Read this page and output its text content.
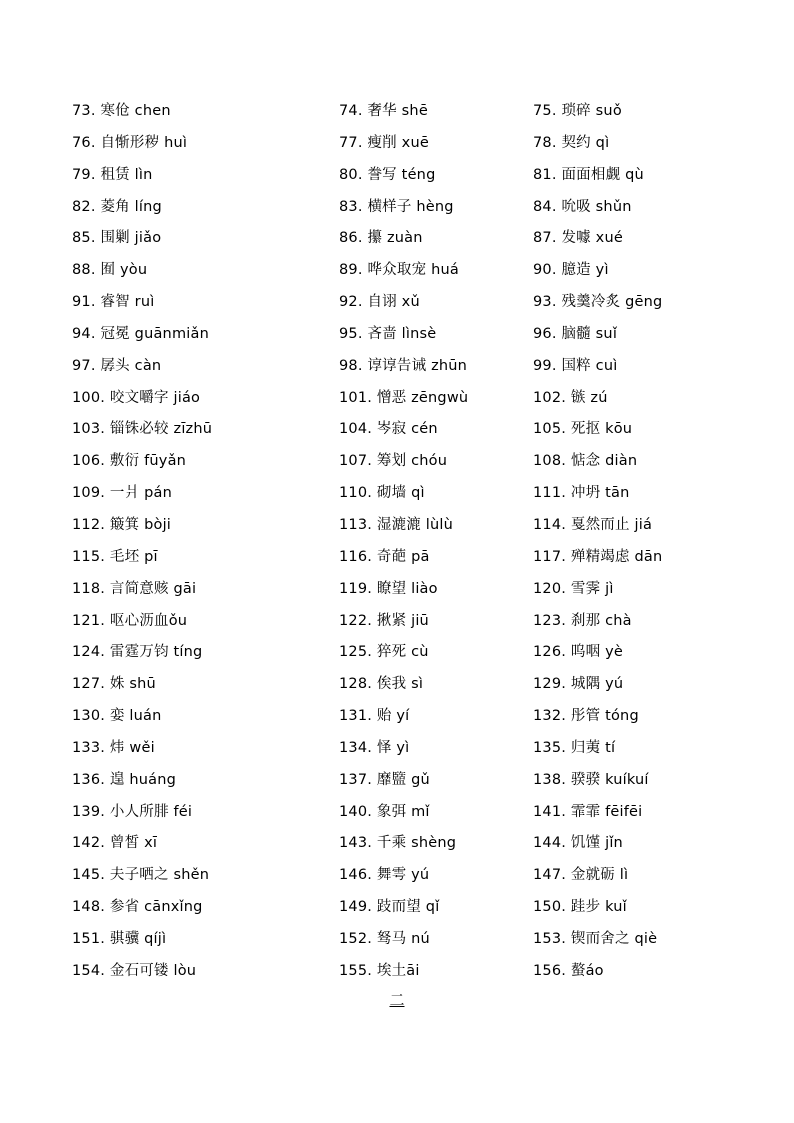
73. 寒伧 chen	74. 奢华 shē	75. 琐碎 suǒ
76. 自惭形秽 huì	77. 瘦削 xuē	78. 契约 qì
79. 租赁 lìn	80. 誊写 téng	81. 面面相觑 qù
82. 菱角 líng	83. 横样子 hèng	84. 吮吸 shǔn
85. 围剿 jiǎo	86. 攥 zuàn	87. 发噱 xué
88. 囿 yòu	89. 哗众取宠 huá	90. 臆造 yì
91. 睿智 ruì	92. 自诩 xǔ	93. 残羹冷炙 gēng
94. 冠冕 guānmiǎn	95. 吝啬 lìnsè	96. 脑髓 suǐ
97. 孱头 càn	98. 谆谆告诫 zhūn	99. 国粹 cuì
100. 咬文嚼字 jiáo	101. 憎恶 zēngwù	102. 镞 zú
103. 锱铢必较 zīzhū	104. 岑寂 cén	105. 死抠 kōu
106. 敷衍 fūyǎn	107. 筹划 chóu	108. 惦念 diàn
109. 一爿 pán	110. 砌墙 qì	111. 冲坍 tān
112. 簸箕 bòji	113. 湿漉漉 lùlù	114. 戛然而止 jiá
115. 毛坯 pī	116. 奇葩 pā	117. 殚精竭虑 dān
118. 言简意赅 gāi	119. 瞭望 liào	120. 雪霁 jì
121. 呕心沥血ǒu	122. 揪紧 jiū	123. 刹那 chà
124. 雷霆万钧 tíng	125. 猝死 cù	126. 呜咽 yè
127. 姝 shū	128. 俟我 sì	129. 城隅 yú
130. 娈 luán	131. 贻 yí	132. 彤管 tóng
133. 炜 wěi	134. 怿 yì	135. 归荑 tí
136. 遑 huáng	137. 靡盬 gǔ	138. 骙骙 kuíkuí
139. 小人所腓 féi	140. 象弭 mǐ	141. 霏霏 fēifēi
142. 曾皙 xī	143. 千乘 shèng	144. 饥馑 jǐn
145. 夫子哂之 shěn	146. 舞雩 yú	147. 金就砺 lì
148. 参省 cānxǐng	149. 跂而望 qǐ	150. 跬步 kuǐ
151. 骐骥 qíjì	152. 驽马 nú	153. 锲而舍之 qiè
154. 金石可镂 lòu	155. 埃土āi	156. 螯áo
二
